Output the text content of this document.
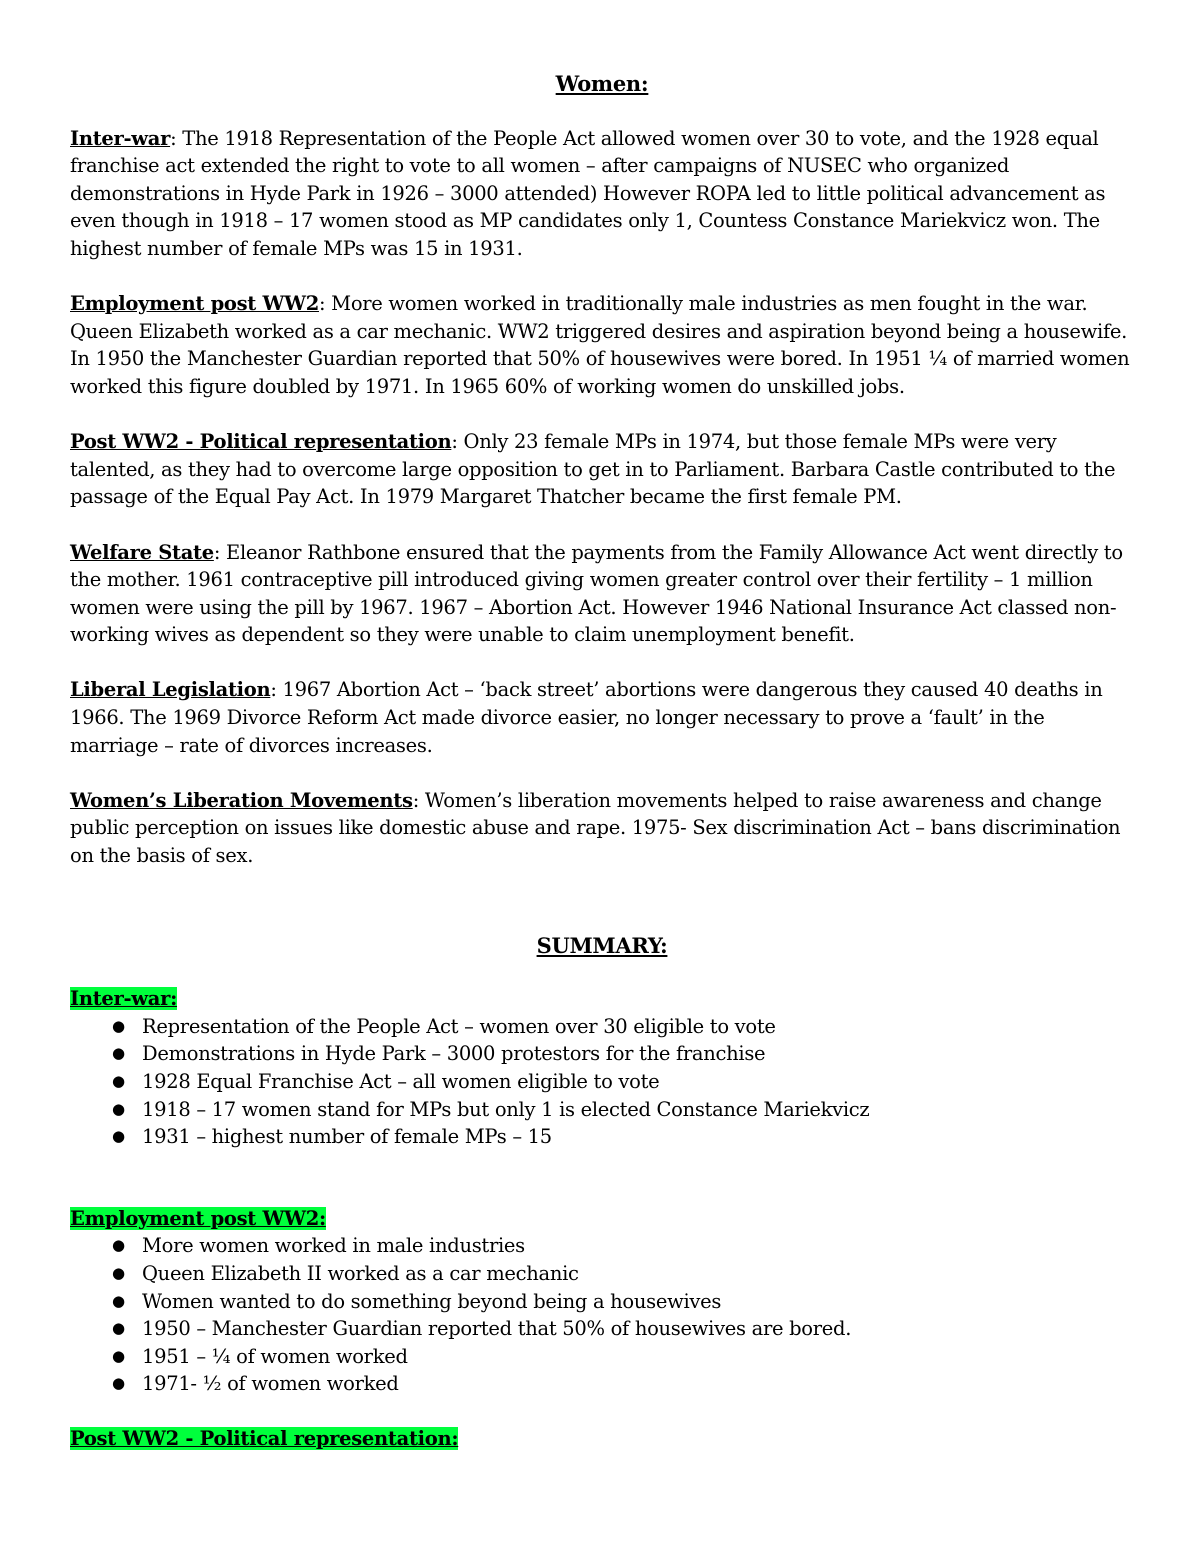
Women:
Inter-war: The 1918 Representation of the People Act allowed women over 30 to vote, and the 1928 equal franchise act extended the right to vote to all women – after campaigns of NUSEC who organized demonstrations in Hyde Park in 1926 – 3000 attended) However ROPA led to little political advancement as even though in 1918 – 17 women stood as MP candidates only 1, Countess Constance Mariekvicz won. The highest number of female MPs was 15 in 1931.
Employment post WW2: More women worked in traditionally male industries as men fought in the war. Queen Elizabeth worked as a car mechanic. WW2 triggered desires and aspiration beyond being a housewife. In 1950 the Manchester Guardian reported that 50% of housewives were bored. In 1951 ¼ of married women worked this figure doubled by 1971. In 1965 60% of working women do unskilled jobs.
Post WW2 - Political representation: Only 23 female MPs in 1974, but those female MPs were very talented, as they had to overcome large opposition to get in to Parliament. Barbara Castle contributed to the passage of the Equal Pay Act. In 1979 Margaret Thatcher became the first female PM.
Welfare State: Eleanor Rathbone ensured that the payments from the Family Allowance Act went directly to the mother. 1961 contraceptive pill introduced giving women greater control over their fertility – 1 million women were using the pill by 1967. 1967 – Abortion Act. However 1946 National Insurance Act classed non-working wives as dependent so they were unable to claim unemployment benefit.
Liberal Legislation: 1967 Abortion Act – ‘back street’ abortions were dangerous they caused 40 deaths in 1966. The 1969 Divorce Reform Act made divorce easier, no longer necessary to prove a ‘fault’ in the marriage – rate of divorces increases.
Women’s Liberation Movements: Women’s liberation movements helped to raise awareness and change public perception on issues like domestic abuse and rape. 1975- Sex discrimination Act – bans discrimination on the basis of sex.
SUMMARY:
Inter-war:
● Representation of the People Act – women over 30 eligible to vote
● Demonstrations in Hyde Park – 3000 protestors for the franchise
● 1928 Equal Franchise Act – all women eligible to vote
● 1918 – 17 women stand for MPs but only 1 is elected Constance Mariekvicz
● 1931 – highest number of female MPs – 15
Employment post WW2:
● More women worked in male industries
● Queen Elizabeth II worked as a car mechanic
● Women wanted to do something beyond being a housewives
● 1950 – Manchester Guardian reported that 50% of housewives are bored.
● 1951 – ¼ of women worked
● 1971- ½ of women worked
Post WW2 - Political representation:
